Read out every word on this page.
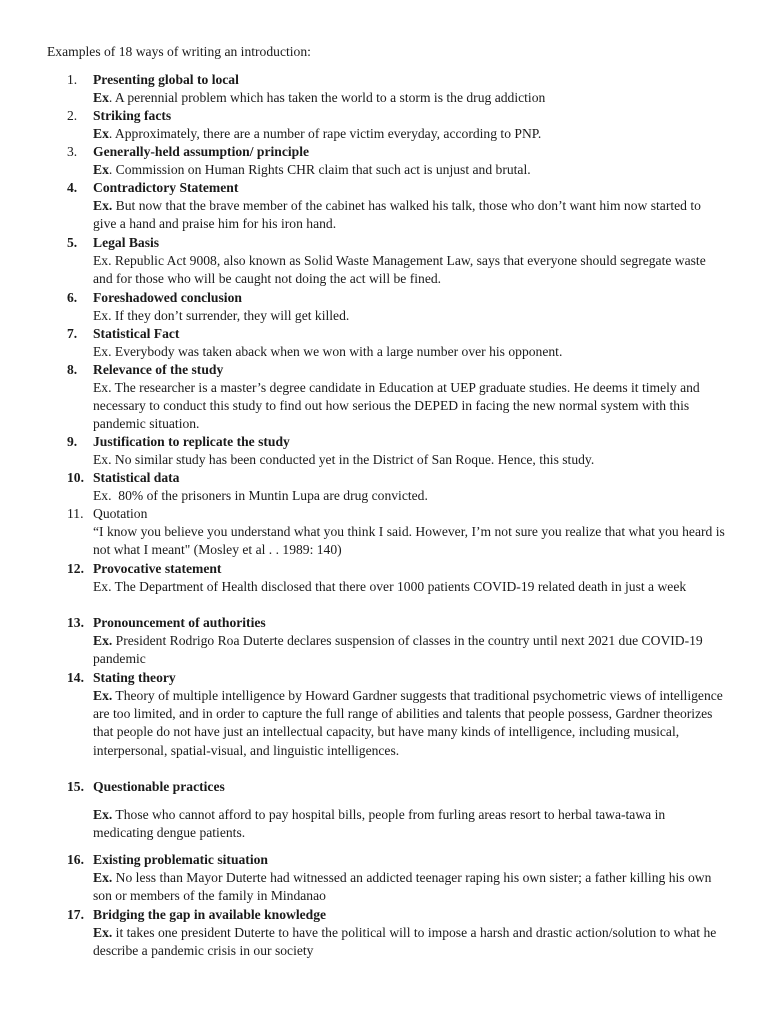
Examples of 18 ways of writing an introduction:
1.	Presenting global to local
Ex. A perennial problem which has taken the world to a storm is the drug addiction
2.	Striking facts
Ex. Approximately, there are a number of rape victim everyday, according to PNP.
3.	Generally-held assumption/ principle
Ex. Commission on Human Rights CHR claim that such act is unjust and brutal.
4.	Contradictory Statement
Ex. But now that the brave member of the cabinet has walked his talk, those who don’t want him now started to give a hand and praise him for his iron hand.
5.	Legal Basis
Ex. Republic Act 9008, also known as Solid Waste Management Law, says that everyone should segregate waste and for those who will be caught not doing the act will be fined.
6.	Foreshadowed conclusion
Ex. If they don’t surrender, they will get killed.
7.	Statistical Fact
Ex. Everybody was taken aback when we won with a large number over his opponent.
8.	Relevance of the study
Ex. The researcher is a master’s degree candidate in Education at UEP graduate studies. He deems it timely and necessary to conduct this study to find out how serious the DEPED in facing the new normal system with this pandemic situation.
9.	Justification to replicate the study
Ex. No similar study has been conducted yet in the District of San Roque. Hence, this study.
10. Statistical data
Ex.  80% of the prisoners in Muntin Lupa are drug convicted.
11. Quotation
“I know you believe you understand what you think I said. However, I’m not sure you realize that what you heard is not what I meant" (Mosley et al . . 1989: 140)
12. Provocative statement
Ex. The Department of Health disclosed that there over 1000 patients COVID-19 related death in just a week
13. Pronouncement of authorities
Ex. President Rodrigo Roa Duterte declares suspension of classes in the country until next 2021 due COVID-19 pandemic
14. Stating theory
Ex. Theory of multiple intelligence by Howard Gardner suggests that traditional psychometric views of intelligence are too limited, and in order to capture the full range of abilities and talents that people possess, Gardner theorizes that people do not have just an intellectual capacity, but have many kinds of intelligence, including musical, interpersonal, spatial-visual, and linguistic intelligences.
15. Questionable practices
Ex. Those who cannot afford to pay hospital bills, people from furling areas resort to herbal tawa-tawa in medicating dengue patients.
16. Existing problematic situation
Ex. No less than Mayor Duterte had witnessed an addicted teenager raping his own sister; a father killing his own son or members of the family in Mindanao
17. Bridging the gap in available knowledge
Ex. it takes one president Duterte to have the political will to impose a harsh and drastic action/solution to what he describe a pandemic crisis in our society
